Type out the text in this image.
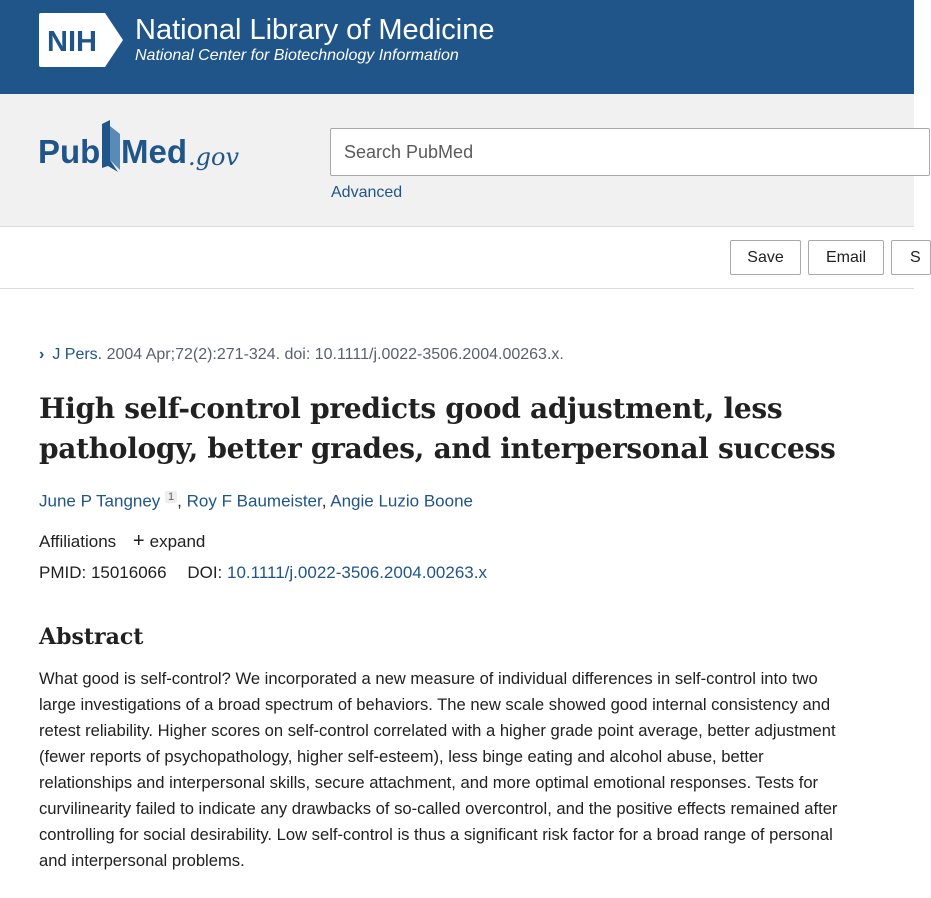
NIH National Library of Medicine
National Center for Biotechnology Information
Pub Med .gov
Search PubMed
Advanced
Save	Email	S
› J Pers. 2004 Apr;72(2):271-324. doi: 10.1111/j.0022-3506.2004.00263.x.
High self-control predicts good adjustment, less pathology, better grades, and interpersonal success
June P Tangney $^1$ , Roy F Baumeister, Angie Luzio Boone
Affiliations + expand
PMID: 15016066 DOI: 10.1111/j.0022-3506.2004.00263.x
Abstract

What good is self-control? We incorporated a new measure of individual differences in self-control into two large investigations of a broad spectrum of behaviors. The new scale showed good internal consistency and retest reliability. Higher scores on self-control correlated with a higher grade point average, better adjustment (fewer reports of psychopathology, higher self-esteem), less binge eating and alcohol abuse, better relationships and interpersonal skills, secure attachment, and more optimal emotional responses. Tests for curvilinearity failed to indicate any drawbacks of so-called overcontrol, and the positive effects remained after controlling for social desirability. Low self-control is thus a significant risk factor for a broad range of personal and interpersonal problems.
